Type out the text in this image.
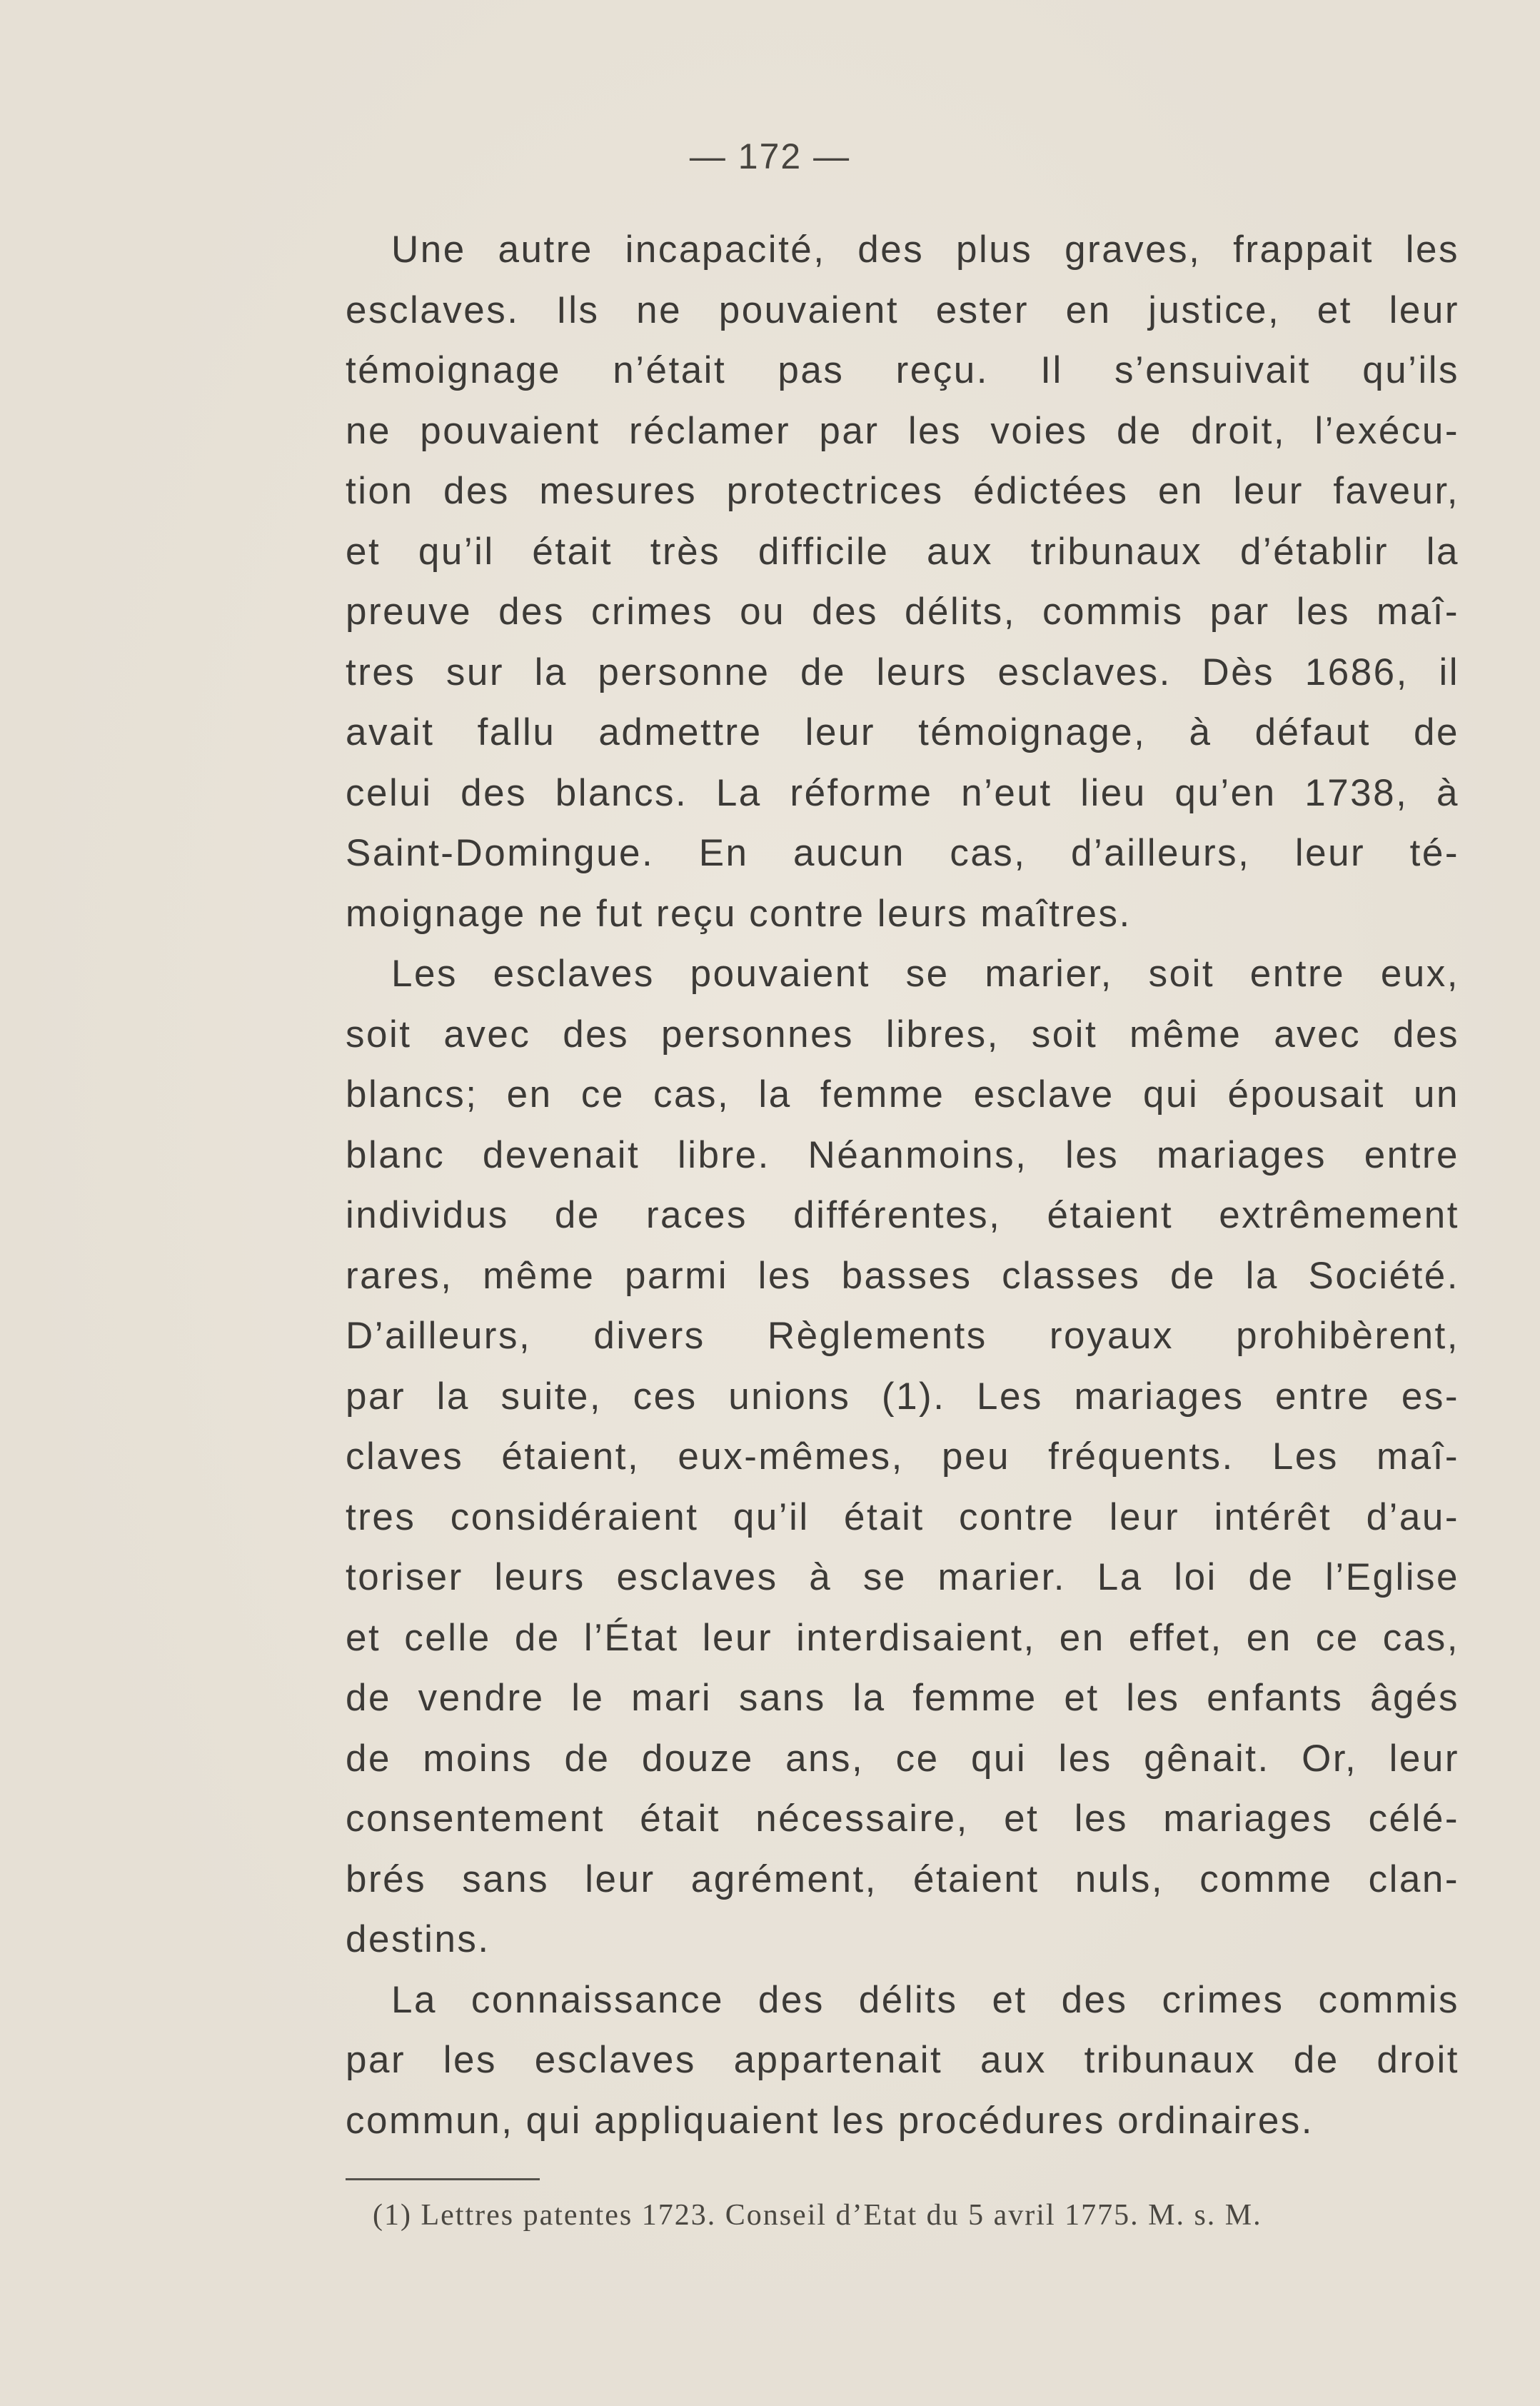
— 172 —
Une autre incapacité, des plus graves, frappait les
esclaves. Ils ne pouvaient ester en justice, et leur
témoignage n’était pas reçu. Il s’ensuivait qu’ils
ne pouvaient réclamer par les voies de droit, l’exécu-
tion des mesures protectrices édictées en leur faveur,
et qu’il était très difficile aux tribunaux d’établir la
preuve des crimes ou des délits, commis par les maî-
tres sur la personne de leurs esclaves. Dès 1686, il
avait fallu admettre leur témoignage, à défaut de
celui des blancs. La réforme n’eut lieu qu’en 1738, à
Saint-Domingue. En aucun cas, d’ailleurs, leur té-
moignage ne fut reçu contre leurs maîtres.
Les esclaves pouvaient se marier, soit entre eux,
soit avec des personnes libres, soit même avec des
blancs; en ce cas, la femme esclave qui épousait un
blanc devenait libre. Néanmoins, les mariages entre
individus de races différentes, étaient extrêmement
rares, même parmi les basses classes de la Société.
D’ailleurs, divers Règlements royaux prohibèrent,
par la suite, ces unions (1). Les mariages entre es-
claves étaient, eux-mêmes, peu fréquents. Les maî-
tres considéraient qu’il était contre leur intérêt d’au-
toriser leurs esclaves à se marier. La loi de l’Eglise
et celle de l’État leur interdisaient, en effet, en ce cas,
de vendre le mari sans la femme et les enfants âgés
de moins de douze ans, ce qui les gênait. Or, leur
consentement était nécessaire, et les mariages célé-
brés sans leur agrément, étaient nuls, comme clan-
destins.
La connaissance des délits et des crimes commis
par les esclaves appartenait aux tribunaux de droit
commun, qui appliquaient les procédures ordinaires.
(1) Lettres patentes 1723. Conseil d’Etat du 5 avril 1775. M. s. M.
